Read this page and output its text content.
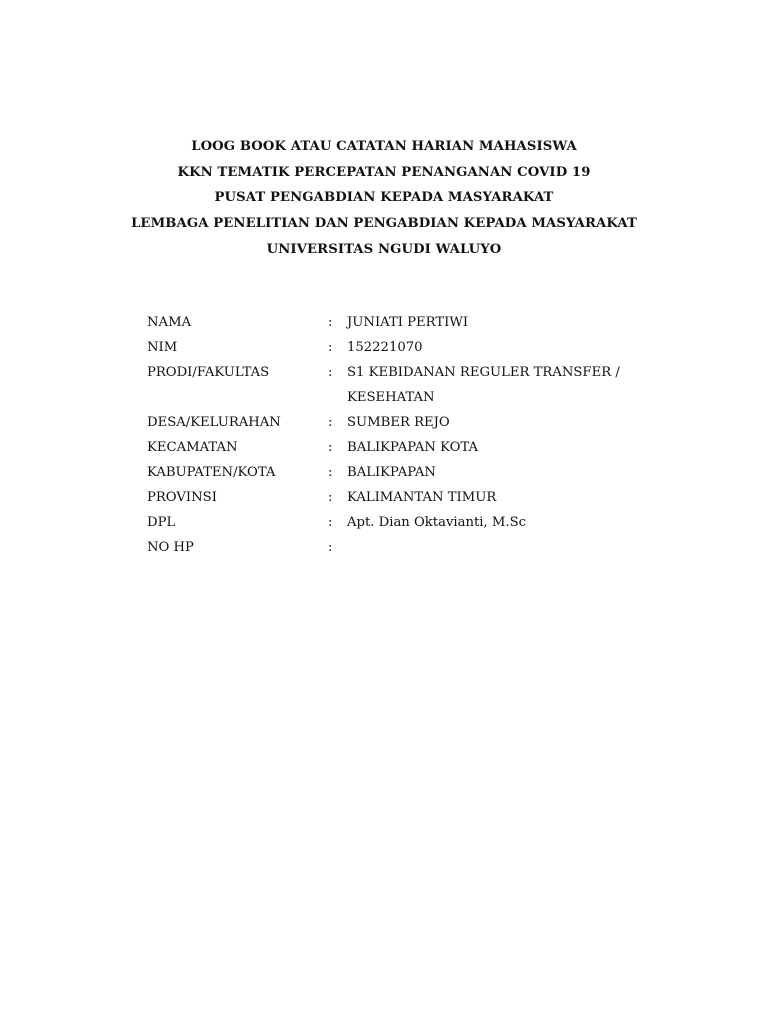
LOOG BOOK ATAU CATATAN HARIAN MAHASISWA
KKN TEMATIK PERCEPATAN PENANGANAN COVID 19
PUSAT PENGABDIAN KEPADA MASYARAKAT
LEMBAGA PENELITIAN DAN PENGABDIAN KEPADA MASYARAKAT
UNIVERSITAS NGUDI WALUYO
NAMA	: JUNIATI PERTIWI
NIM	: 152221070
PRODI/FAKULTAS	: S1 KEBIDANAN REGULER TRANSFER /
KESEHATAN
DESA/KELURAHAN	: SUMBER REJO
KECAMATAN	: BALIKPAPAN KOTA
KABUPATEN/KOTA	: BALIKPAPAN
PROVINSI	: KALIMANTAN TIMUR
DPL	: Apt. Dian Oktavianti, M.Sc
NO HP	:
